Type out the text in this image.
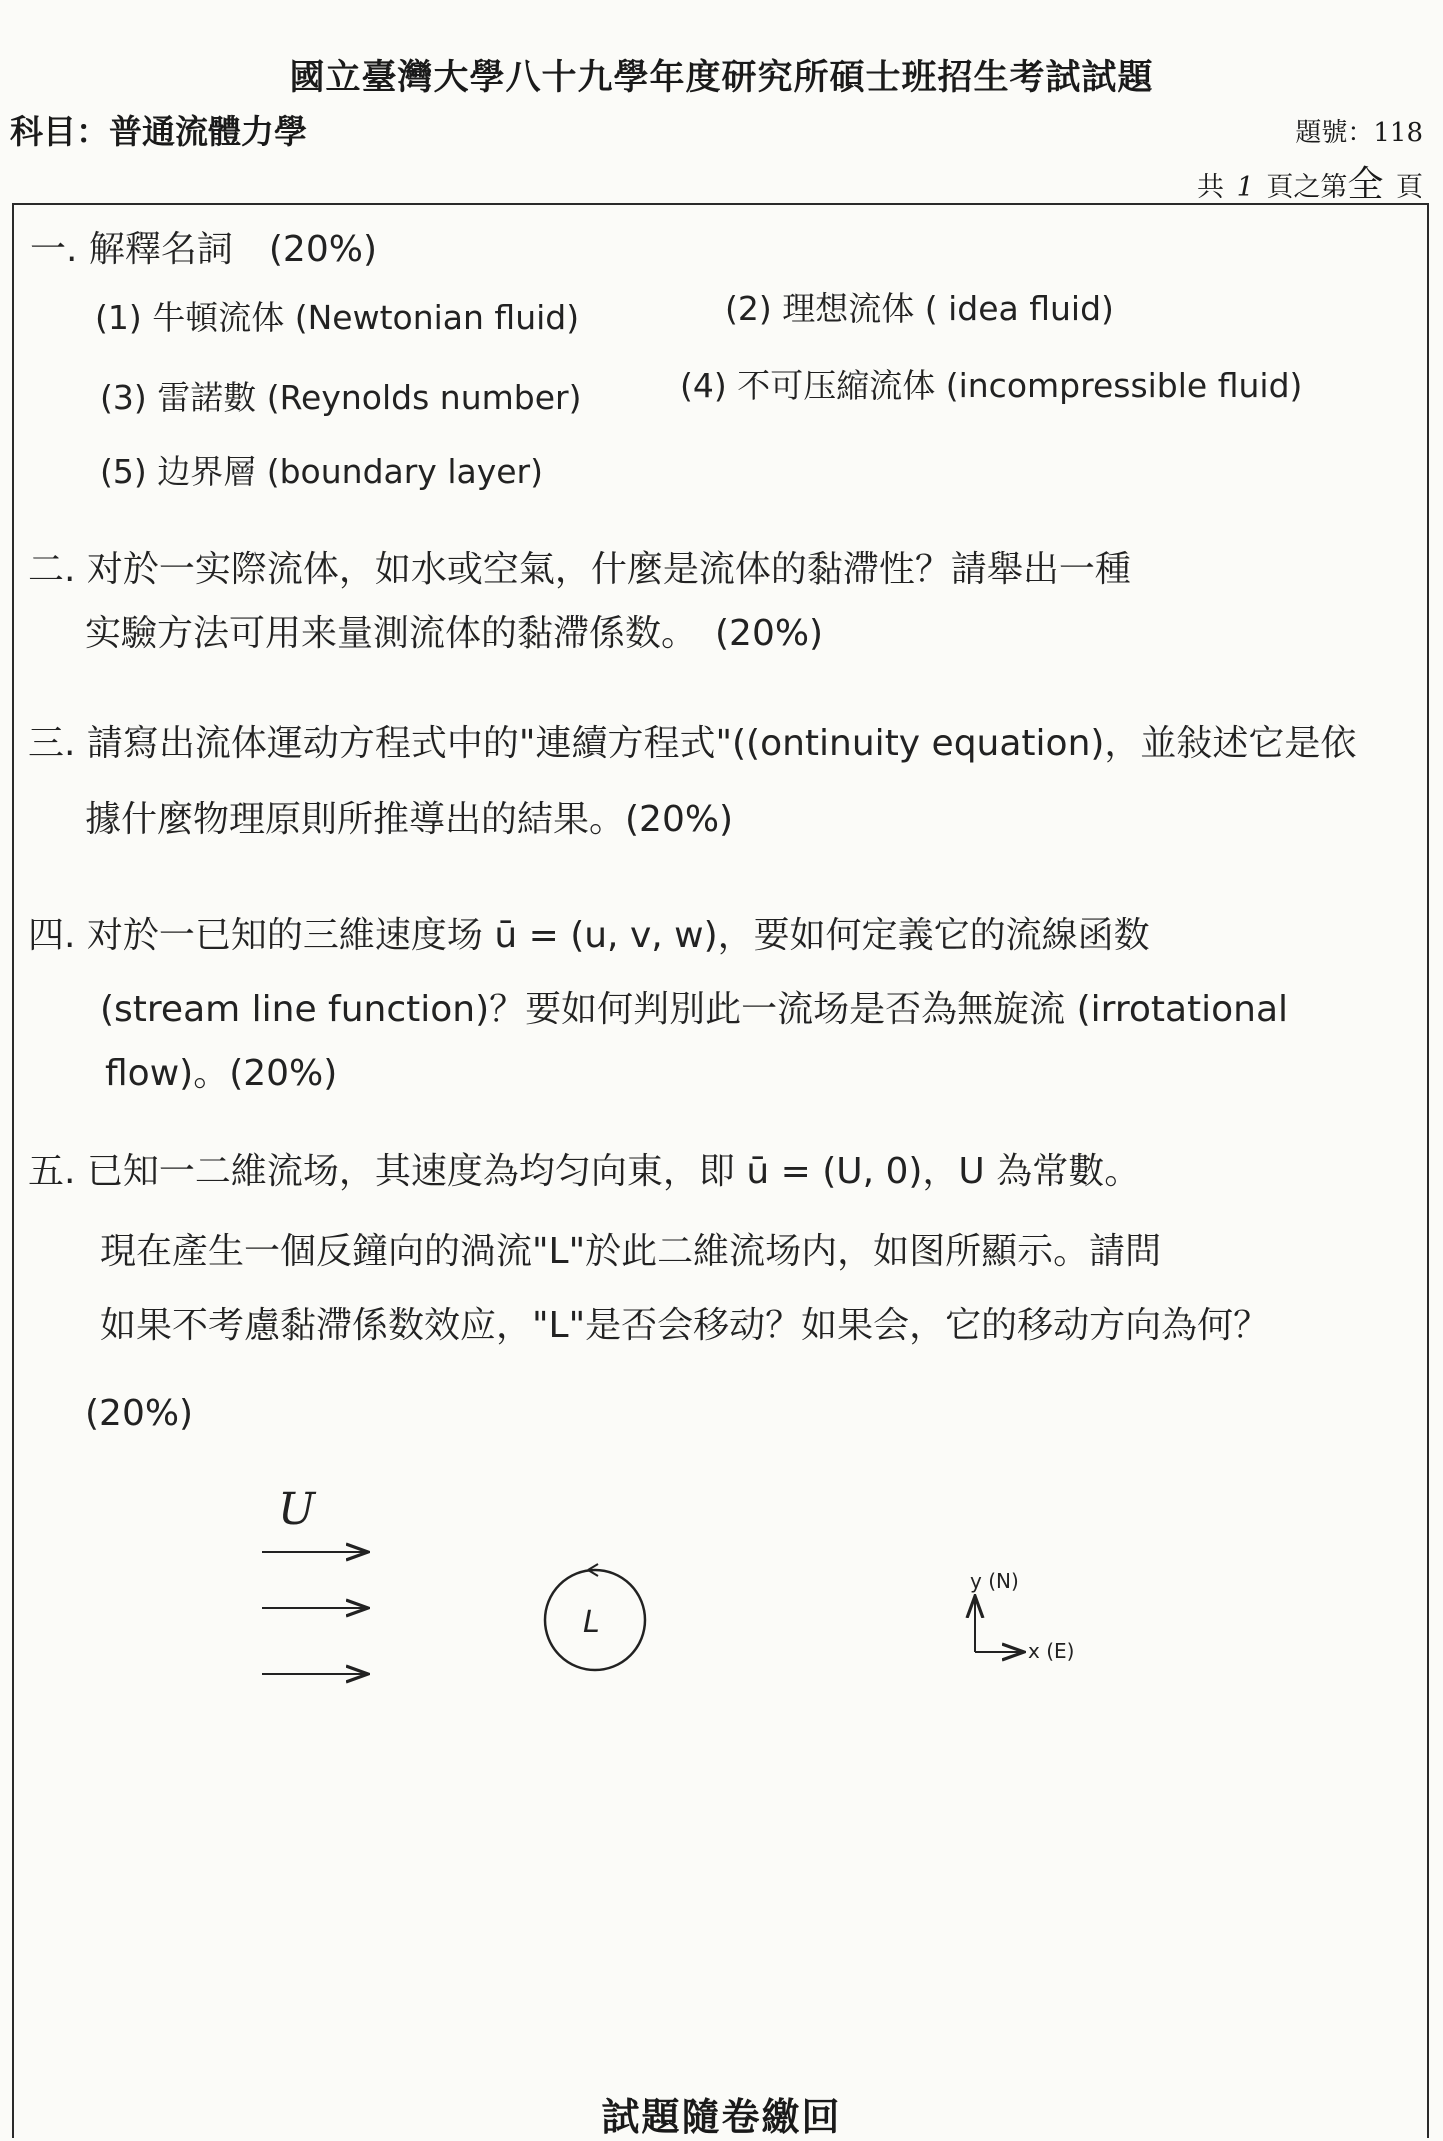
國立臺灣大學八十九學年度研究所碩士班招生考試試題
科目：普通流體力學	題號：118
共 1 頁之第全 頁
一. 解釋名詞　(20%)
(1) 牛頓流体 (Newtonian fluid)	(2) 理想流体 ( idea fluid)
(3) 雷諾數 (Reynolds number)	(4) 不可压縮流体 (incompressible fluid)
(5) 边界層 (boundary layer)
二. 对於一实際流体，如水或空氣，什麼是流体的黏滯性？請舉出一種
实驗方法可用来量測流体的黏滯係数。　(20%)
三. 請寫出流体運动方程式中的"連續方程式"((ontinuity equation)，並敍述它是依
據什麼物理原則所推導出的結果。(20%)
四. 对於一已知的三維速度场 ū = (u, v, w)，要如何定義它的流線函数
(stream line function)？要如何判別此一流场是否為無旋流 (irrotational
flow)。(20%)
五. 已知一二維流场，其速度為均匀向東，即 ū = (U, 0)，U 為常數。
現在產生一個反鐘向的渦流"L"於此二維流场内，如图所顯示。請問
如果不考慮黏滯係数效应，"L"是否会移动？如果会，它的移动方向為何？
(20%)
U
L
y (N)
x (E)
試題隨卷繳回
